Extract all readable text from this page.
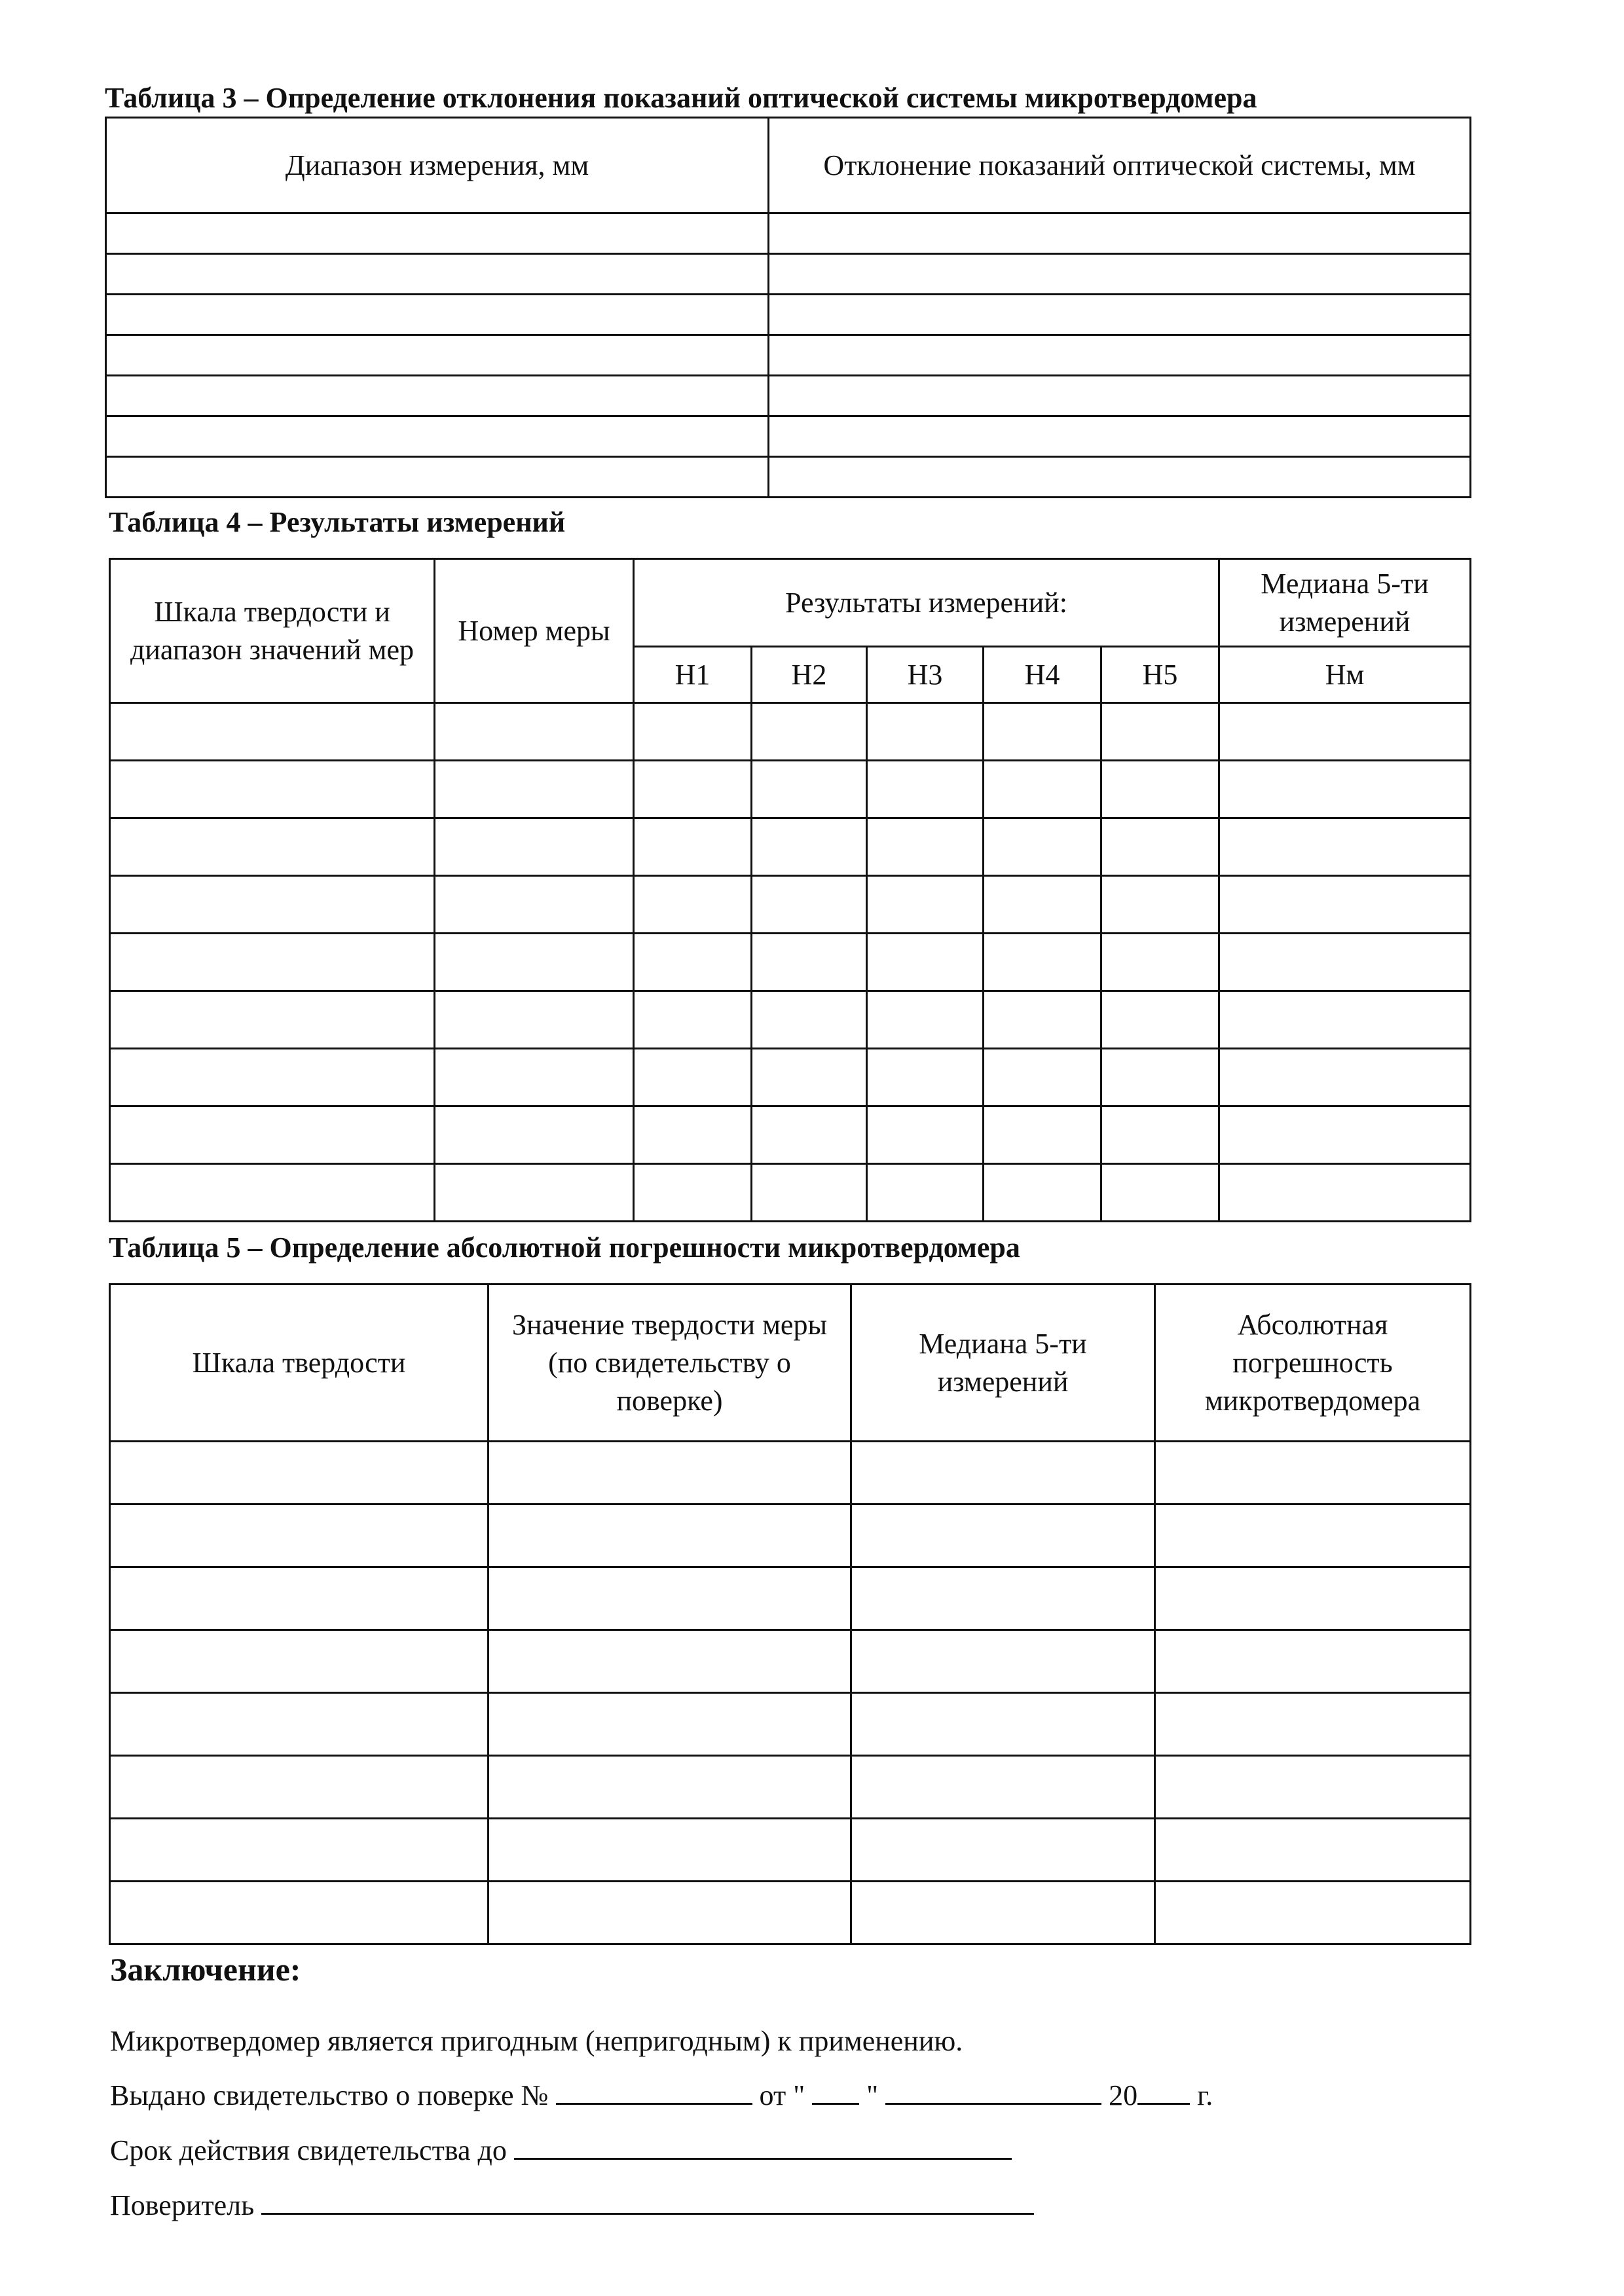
Таблица 3 – Определение отклонения показаний оптической системы микротвердомера
Диапазон измерения, мм	Отклонение показаний оптической системы, мм

Таблица 4 – Результаты измерений
Шкала твердости и диапазон значений мер	Номер меры	Результаты измерений:					Медиана 5-ти измерений
		H1	H2	H3	H4	H5	Hм

Таблица 5 – Определение абсолютной погрешности микротвердомера
Шкала твердости	Значение твердости меры (по свидетельству о поверке)	Медиана 5-ти измерений	Абсолютная погрешность микротвердомера

Заключение:
Микротвердомер является пригодным (непригодным) к применению.
Выдано свидетельство о поверке №	от " "	20 г.
Срок действия свидетельства до
Поверитель
